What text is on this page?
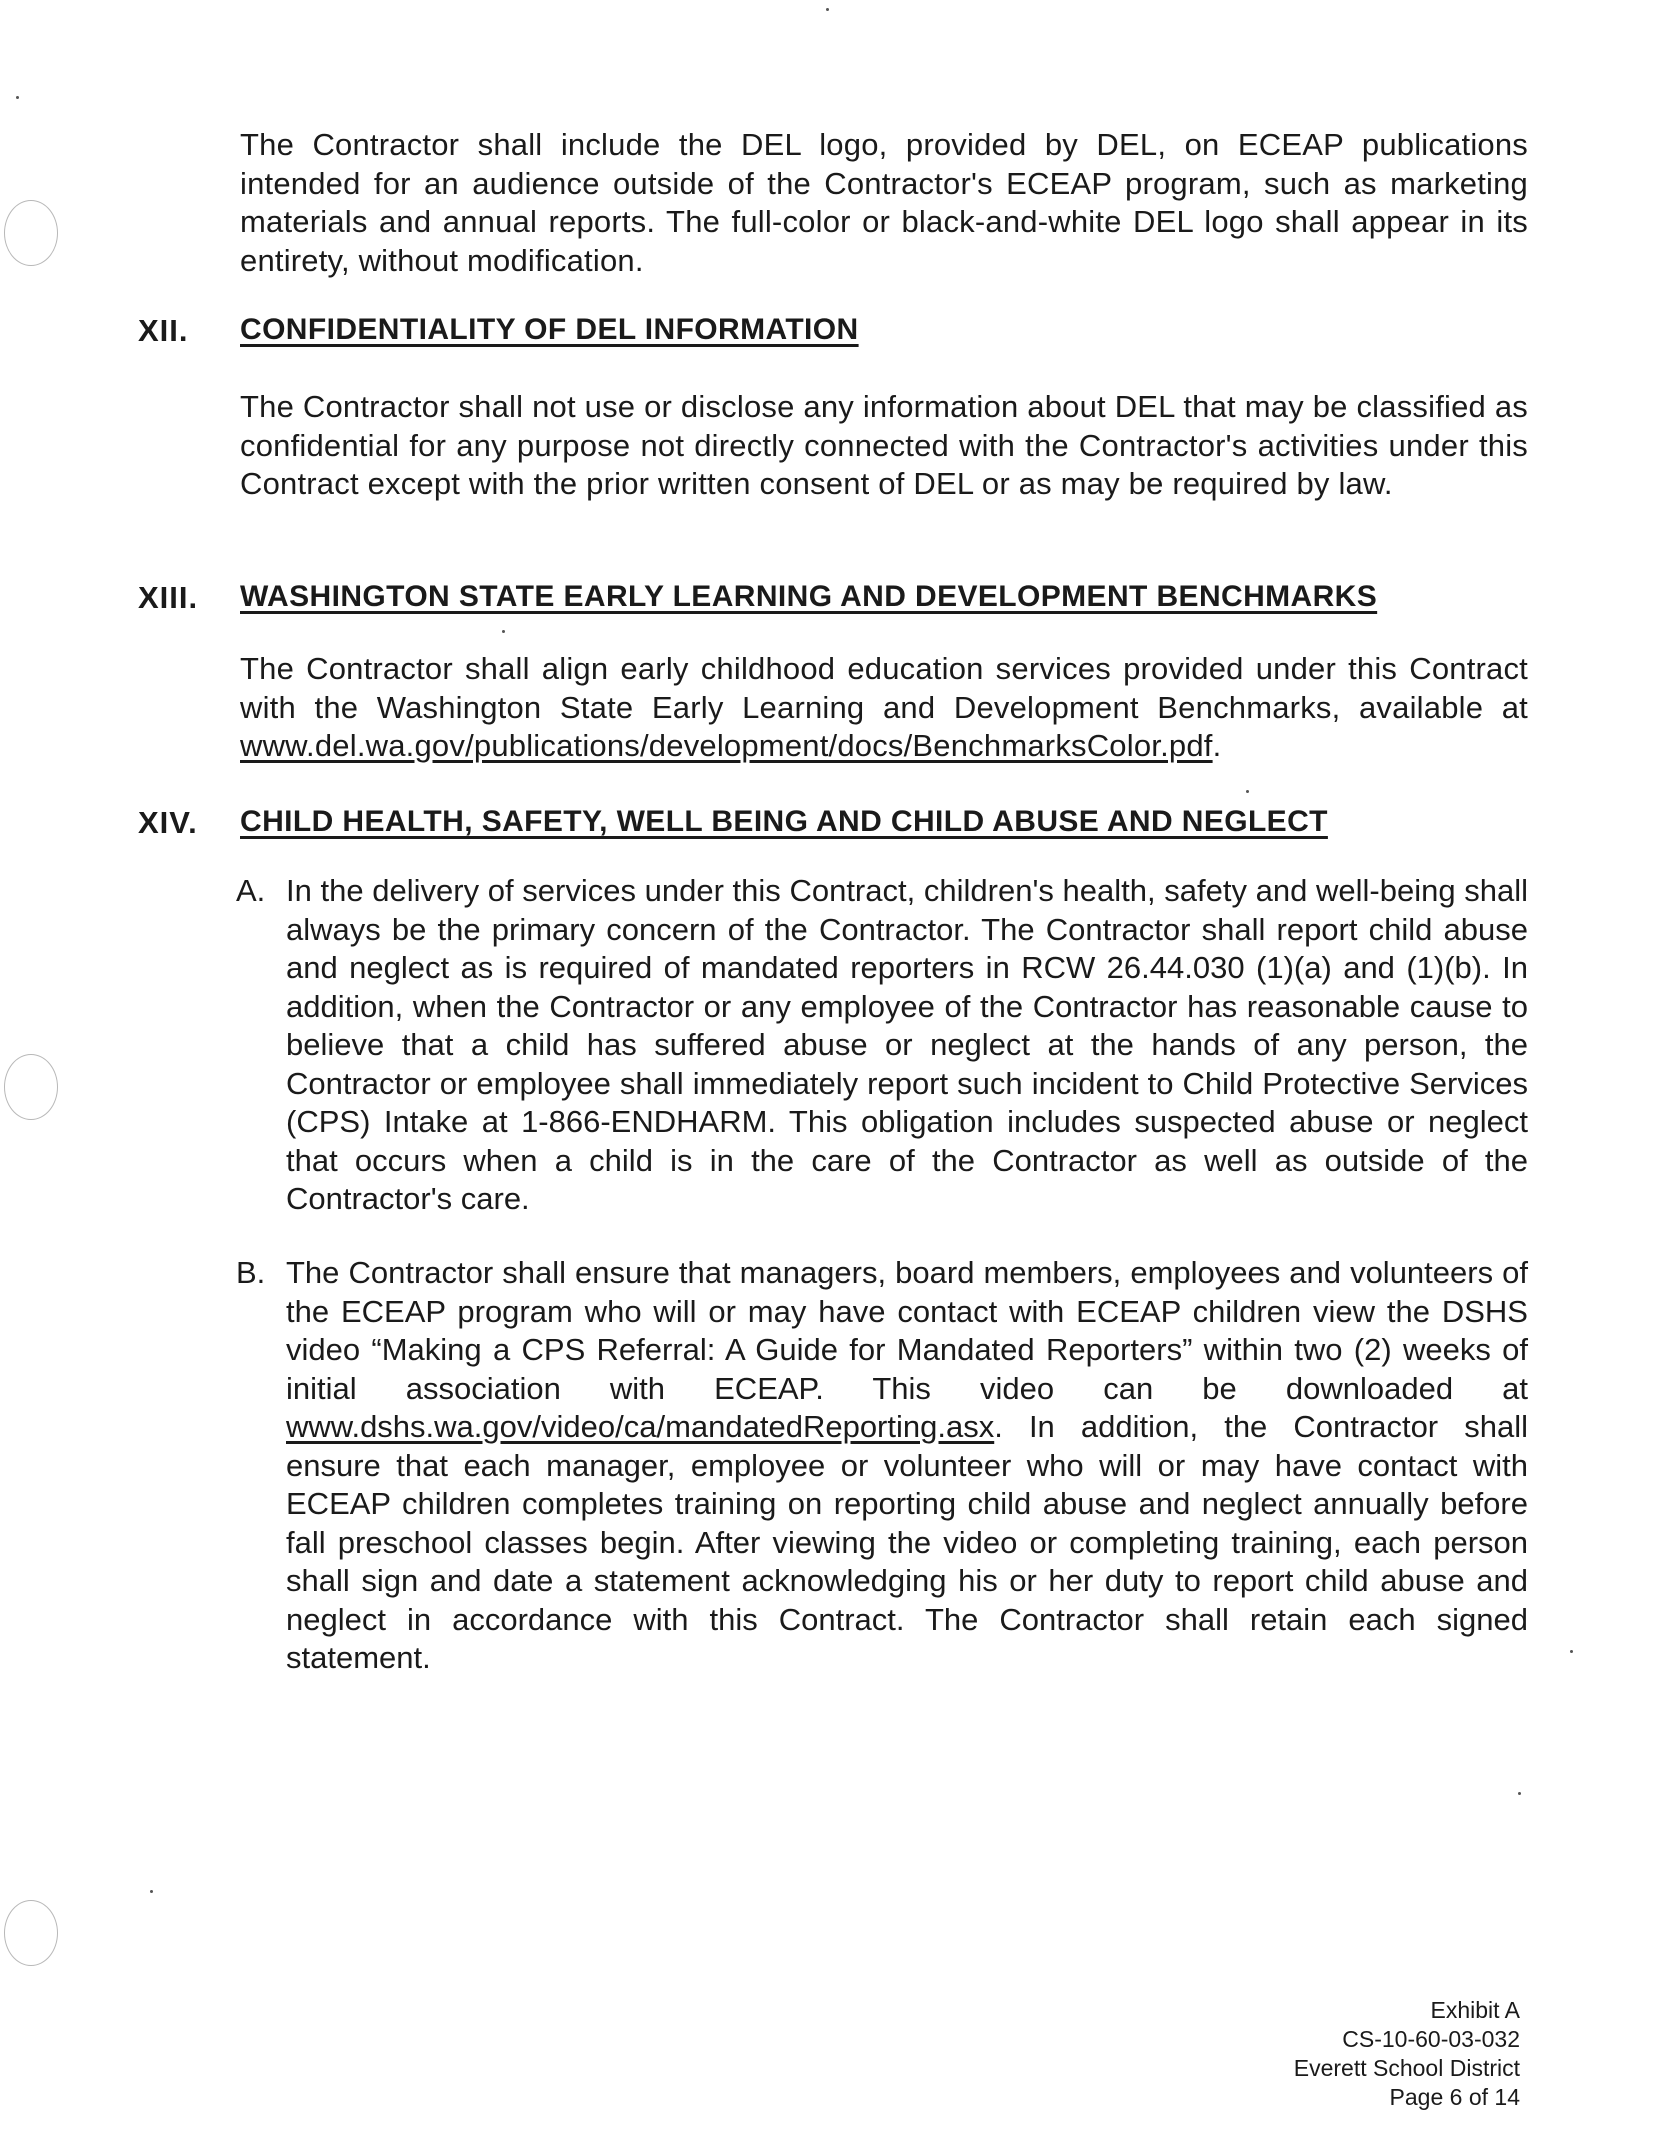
The Contractor shall include the DEL logo, provided by DEL, on ECEAP publications intended for an audience outside of the Contractor's ECEAP program, such as marketing materials and annual reports. The full-color or black-and-white DEL logo shall appear in its entirety, without modification.
XII. CONFIDENTIALITY OF DEL INFORMATION
The Contractor shall not use or disclose any information about DEL that may be classified as confidential for any purpose not directly connected with the Contractor's activities under this Contract except with the prior written consent of DEL or as may be required by law.
XIII. WASHINGTON STATE EARLY LEARNING AND DEVELOPMENT BENCHMARKS
The Contractor shall align early childhood education services provided under this Contract with the Washington State Early Learning and Development Benchmarks, available at www.del.wa.gov/publications/development/docs/BenchmarksColor.pdf.
XIV. CHILD HEALTH, SAFETY, WELL BEING AND CHILD ABUSE AND NEGLECT
A. In the delivery of services under this Contract, children's health, safety and well-being shall always be the primary concern of the Contractor. The Contractor shall report child abuse and neglect as is required of mandated reporters in RCW 26.44.030 (1)(a) and (1)(b). In addition, when the Contractor or any employee of the Contractor has reasonable cause to believe that a child has suffered abuse or neglect at the hands of any person, the Contractor or employee shall immediately report such incident to Child Protective Services (CPS) Intake at 1-866-ENDHARM. This obligation includes suspected abuse or neglect that occurs when a child is in the care of the Contractor as well as outside of the Contractor's care.
B. The Contractor shall ensure that managers, board members, employees and volunteers of the ECEAP program who will or may have contact with ECEAP children view the DSHS video “Making a CPS Referral: A Guide for Mandated Reporters” within two (2) weeks of initial association with ECEAP. This video can be downloaded at www.dshs.wa.gov/video/ca/mandatedReporting.asx. In addition, the Contractor shall ensure that each manager, employee or volunteer who will or may have contact with ECEAP children completes training on reporting child abuse and neglect annually before fall preschool classes begin. After viewing the video or completing training, each person shall sign and date a statement acknowledging his or her duty to report child abuse and neglect in accordance with this Contract. The Contractor shall retain each signed statement.
Exhibit A
CS-10-60-03-032
Everett School District
Page 6 of 14
